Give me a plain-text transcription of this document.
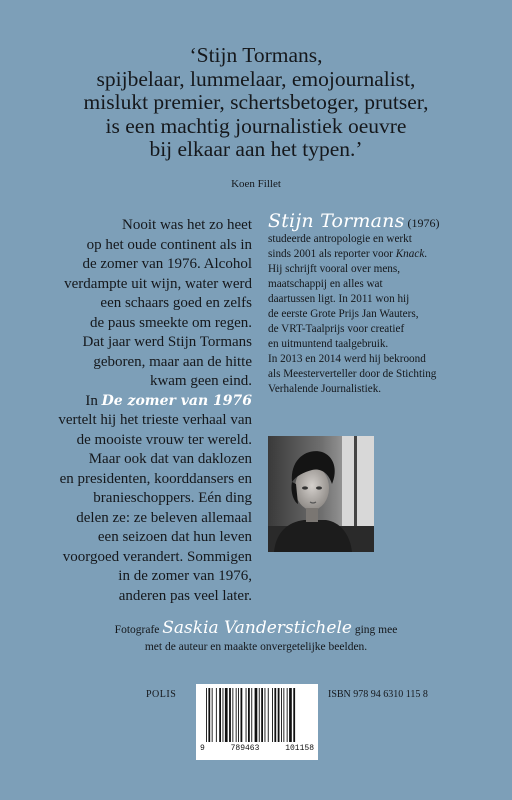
‘Stijn Tormans,
spijbelaar, lummelaar, emojournalist,
mislukt premier, schertsbetoger, prutser,
is een machtig journalistiek oeuvre
bij elkaar aan het typen.’
Koen Fillet
Nooit was het zo heet
op het oude continent als in
de zomer van 1976. Alcohol
verdampte uit wijn, water werd
een schaars goed en zelfs
de paus smeekte om regen.
Dat jaar werd Stijn Tormans
geboren, maar aan de hitte
kwam geen eind.
In De zomer van 1976
vertelt hij het trieste verhaal van
de mooiste vrouw ter wereld.
Maar ook dat van daklozen
en presidenten, koorddansers en
branieschoppers. Eén ding
delen ze: ze beleven allemaal
een seizoen dat hun leven
voorgoed verandert. Sommigen
in de zomer van 1976,
anderen pas veel later.
Stijn Tormans (1976)
studeerde antropologie en werkt
sinds 2001 als reporter voor Knack.
Hij schrijft vooral over mens,
maatschappij en alles wat
daartussen ligt. In 2011 won hij
de eerste Grote Prijs Jan Wauters,
de VRT-Taalprijs voor creatief
en uitmuntend taalgebruik.
In 2013 en 2014 werd hij bekroond
als Meesterverteller door de Stichting
Verhalende Journalistiek.
Fotografe Saskia Vanderstichele ging mee
met de auteur en maakte onvergetelijke beelden.
POLIS
9	789463	101158
ISBN 978 94 6310 115 8
